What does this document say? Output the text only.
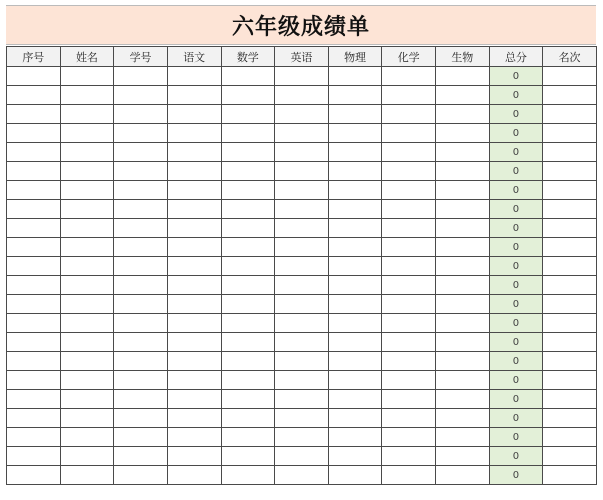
六年级成绩单
序号	姓名	学号	语文	数学	英语	物理	化学	生物	总分	名次
									0	
									0	
									0	
									0	
									0	
									0	
									0	
									0	
									0	
									0	
									0	
									0	
									0	
									0	
									0	
									0	
									0	
									0	
									0	
									0	
									0	
									0	
